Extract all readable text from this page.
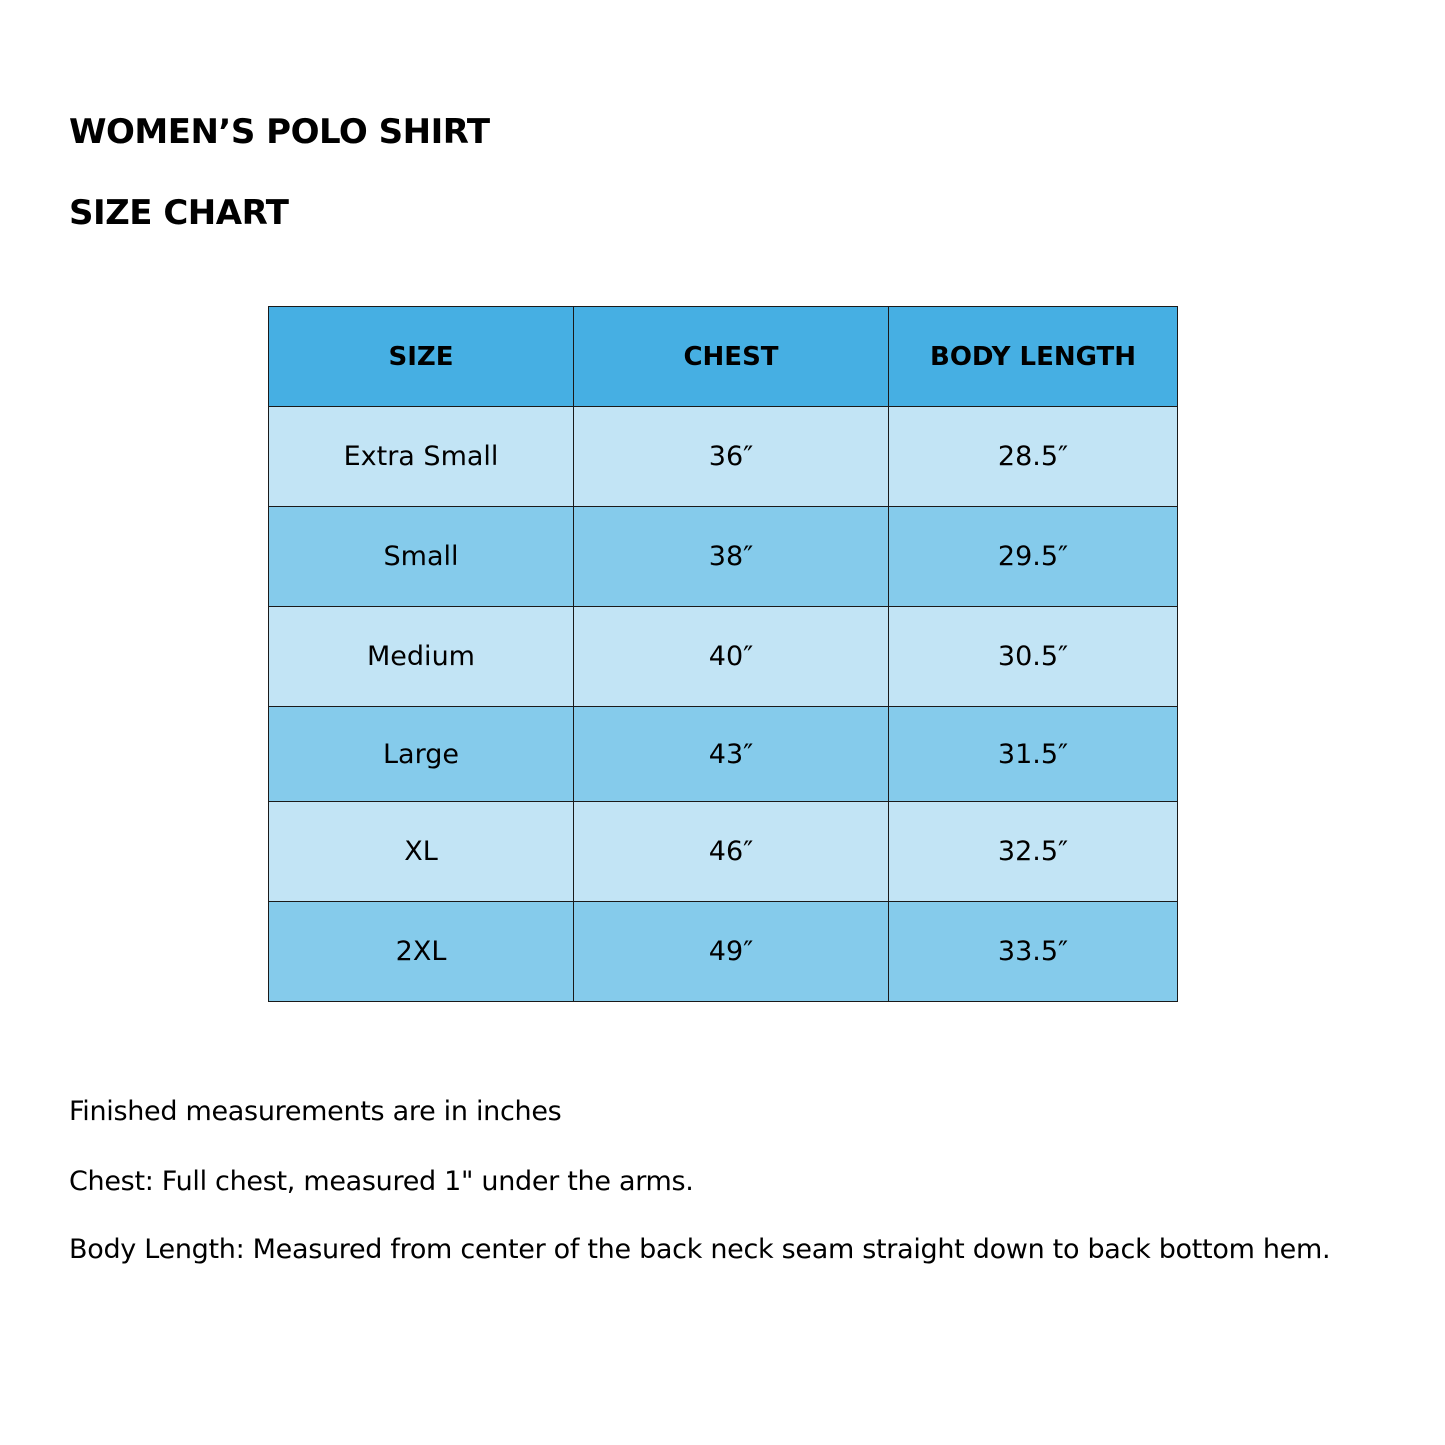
WOMEN’S POLO SHIRT
SIZE CHART
SIZE	CHEST	BODY LENGTH
Extra Small	36″	28.5″
Small	38″	29.5″
Medium	40″	30.5″
Large	43″	31.5″
XL	46″	32.5″
2XL	49″	33.5″

Finished measurements are in inches

Chest: Full chest, measured 1" under the arms.

Body Length: Measured from center of the back neck seam straight down to back bottom hem.
